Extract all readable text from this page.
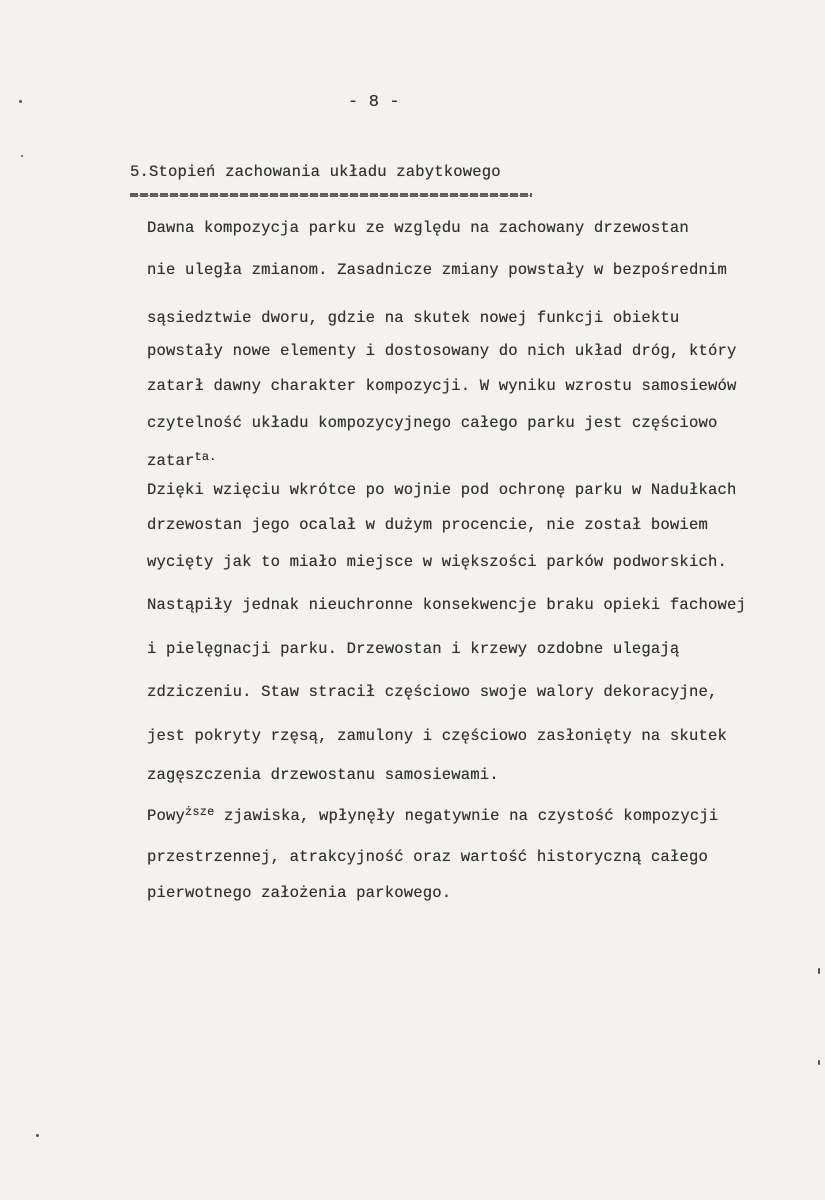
- 8 -
5.Stopień zachowania układu zabytkowego
Dawna kompozycja parku ze względu na zachowany drzewostan
nie uległa zmianom. Zasadnicze zmiany powstały w bezpośrednim
sąsiedztwie dworu, gdzie na skutek nowej funkcji obiektu
powstały nowe elementy i dostosowany do nich układ dróg, który
zatarł dawny charakter kompozycji. W wyniku wzrostu samosiewów
czytelność układu kompozycyjnego całego parku jest częściowo
zatar$^{ta.}$
Dzięki wzięciu wkrótce po wojnie pod ochronę parku w Nadułkach
drzewostan jego ocalał w dużym procencie, nie został bowiem
wycięty jak to miało miejsce w większości parków podworskich.
Nastąpiły jednak nieuchronne konsekwencje braku opieki fachowej
i pielęgnacji parku. Drzewostan i krzewy ozdobne ulegają
zdziczeniu. Staw stracił częściowo swoje walory dekoracyjne,
jest pokryty rzęsą, zamulony i częściowo zasłonięty na skutek
zagęszczenia drzewostanu samosiewami.
Powy$^{ższe}$ zjawiska, wpłynęły negatywnie na czystość kompozycji
przestrzennej, atrakcyjność oraz wartość historyczną całego
pierwotnego założenia parkowego.
